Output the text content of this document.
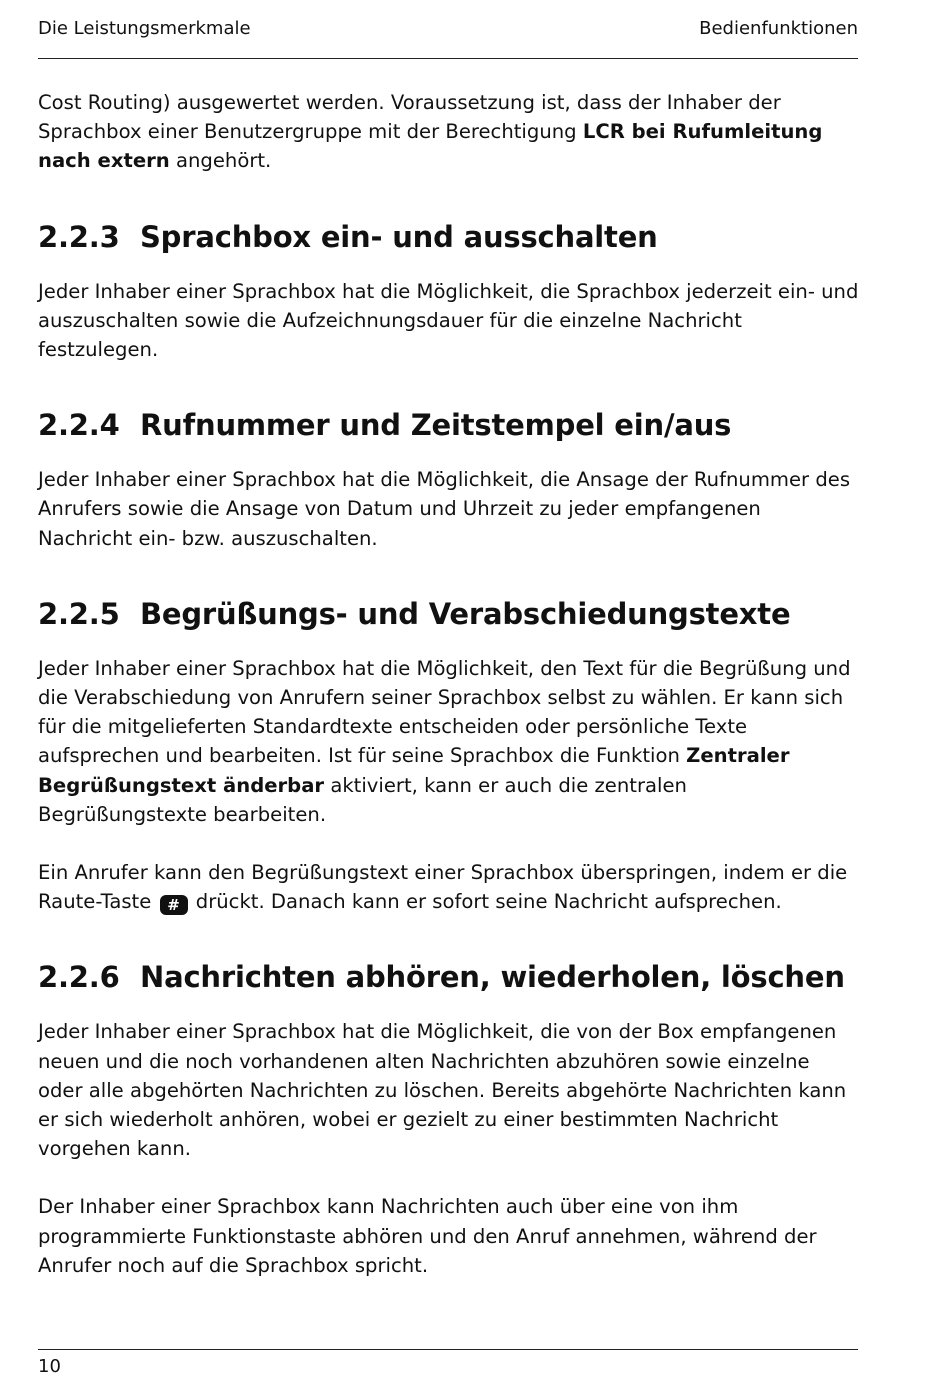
Die Leistungsmerkmale	Bedienfunktionen

Cost Routing) ausgewertet werden. Voraussetzung ist, dass der Inhaber der Sprachbox einer Benutzergruppe mit der Berechtigung LCR bei Rufumleitung nach extern angehört.

2.2.3 Sprachbox ein- und ausschalten

Jeder Inhaber einer Sprachbox hat die Möglichkeit, die Sprachbox jederzeit ein- und auszuschalten sowie die Aufzeichnungsdauer für die einzelne Nachricht festzulegen.

2.2.4 Rufnummer und Zeitstempel ein/aus

Jeder Inhaber einer Sprachbox hat die Möglichkeit, die Ansage der Rufnummer des Anrufers sowie die Ansage von Datum und Uhrzeit zu jeder empfangenen Nachricht ein- bzw. auszuschalten.

2.2.5 Begrüßungs- und Verabschiedungstexte

Jeder Inhaber einer Sprachbox hat die Möglichkeit, den Text für die Begrüßung und die Verabschiedung von Anrufern seiner Sprachbox selbst zu wählen. Er kann sich für die mitgelieferten Standardtexte entscheiden oder persönliche Texte aufsprechen und bearbeiten. Ist für seine Sprachbox die Funktion Zentraler Begrüßungstext änderbar aktiviert, kann er auch die zentralen Begrüßungstexte bearbeiten.

Ein Anrufer kann den Begrüßungstext einer Sprachbox überspringen, indem er die Raute-Taste # drückt. Danach kann er sofort seine Nachricht aufsprechen.

2.2.6 Nachrichten abhören, wiederholen, löschen

Jeder Inhaber einer Sprachbox hat die Möglichkeit, die von der Box empfangenen neuen und die noch vorhandenen alten Nachrichten abzuhören sowie einzelne oder alle abgehörten Nachrichten zu löschen. Bereits abgehörte Nachrichten kann er sich wiederholt anhören, wobei er gezielt zu einer bestimmten Nachricht vorgehen kann.

Der Inhaber einer Sprachbox kann Nachrichten auch über eine von ihm programmierte Funktionstaste abhören und den Anruf annehmen, während der Anrufer noch auf die Sprachbox spricht.

10
